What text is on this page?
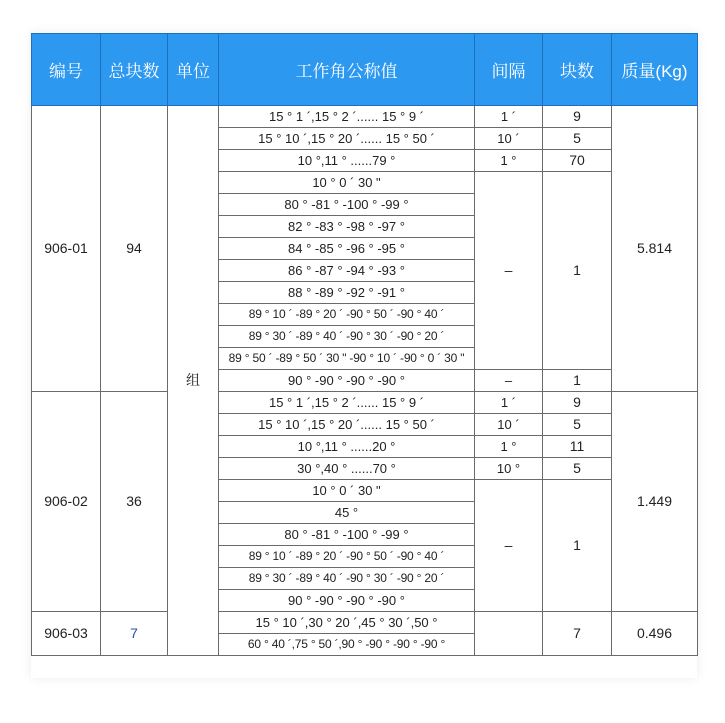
编号	总块数	单位	工作角公称值	间隔	块数	质量(Kg)
906-01	94	组	15 ° 1 ´,15 ° 2 ´...... 15 ° 9 ´	1 ´	9	5.814
			15 ° 10 ´,15 ° 20 ´...... 15 ° 50 ´	10 ´	5	
			10 °,11 ° ......79 °	1 °	70	
			10 ° 0 ´ 30 "	–	1	
			80 ° -81 ° -100 ° -99 °			
			82 ° -83 ° -98 ° -97 °			
			84 ° -85 ° -96 ° -95 °			
			86 ° -87 ° -94 ° -93 °			
			88 ° -89 ° -92 ° -91 °			
			89 ° 10 ´ -89 ° 20 ´ -90 ° 50 ´ -90 ° 40 ´			
			89 ° 30 ´ -89 ° 40 ´ -90 ° 30 ´ -90 ° 20 ´			
			89 ° 50 ´ -89 ° 50 ´ 30 " -90 ° 10 ´ -90 ° 0 ´ 30 "			
			90 ° -90 ° -90 ° -90 °	–	1	
906-02	36		15 ° 1 ´,15 ° 2 ´...... 15 ° 9 ´	1 ´	9	1.449
			15 ° 10 ´,15 ° 20 ´...... 15 ° 50 ´	10 ´	5	
			10 °,11 ° ......20 °	1 °	11	
			30 °,40 ° ......70 °	10 °	5	
			10 ° 0 ´ 30 "	–	1	
			45 °			
			80 ° -81 ° -100 ° -99 °			
			89 ° 10 ´ -89 ° 20 ´ -90 ° 50 ´ -90 ° 40 ´			
			89 ° 30 ´ -89 ° 40 ´ -90 ° 30 ´ -90 ° 20 ´			
			90 ° -90 ° -90 ° -90 °			
906-03	7		15 ° 10 ´,30 ° 20 ´,45 ° 30 ´,50 °		7	0.496
			60 ° 40 ´,75 ° 50 ´,90 ° -90 ° -90 ° -90 °			
